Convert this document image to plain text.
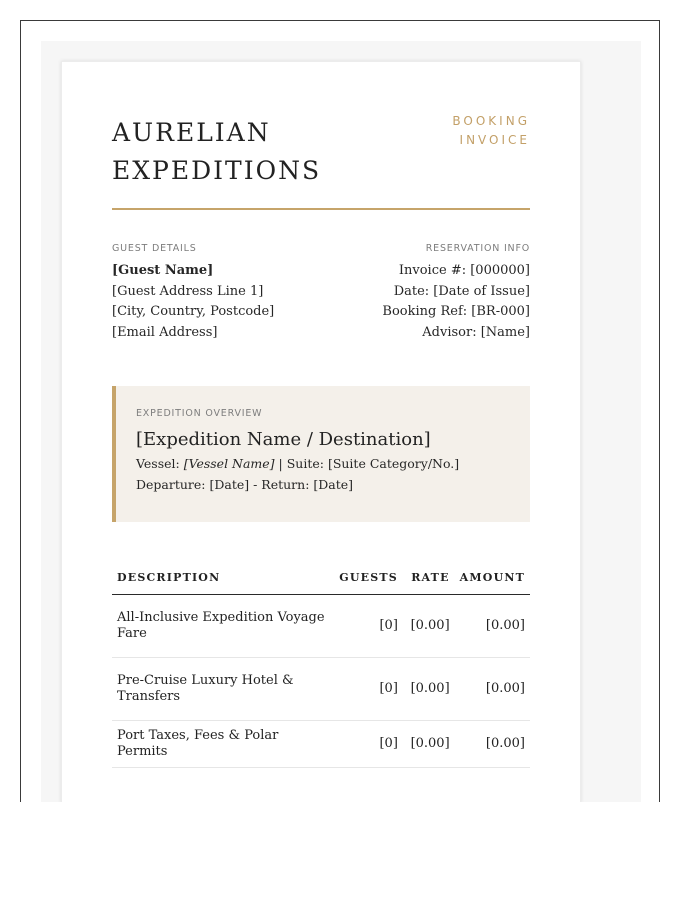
AURELIAN
EXPEDITIONS
BOOKING
INVOICE
GUEST DETAILS
[Guest Name]
[Guest Address Line 1]
[City, Country, Postcode]
[Email Address]
RESERVATION INFO
Invoice #: [000000]
Date: [Date of Issue]
Booking Ref: [BR-000]
Advisor: [Name]
EXPEDITION OVERVIEW
[Expedition Name / Destination]
Vessel: [Vessel Name] | Suite: [Suite Category/No.]
Departure: [Date] - Return: [Date]
DESCRIPTION	GUESTS	RATE	AMOUNT
All-Inclusive Expedition Voyage Fare	[0]	[0.00]	[0.00]
Pre-Cruise Luxury Hotel & Transfers	[0]	[0.00]	[0.00]
Port Taxes, Fees & Polar Permits	[0]	[0.00]	[0.00]
